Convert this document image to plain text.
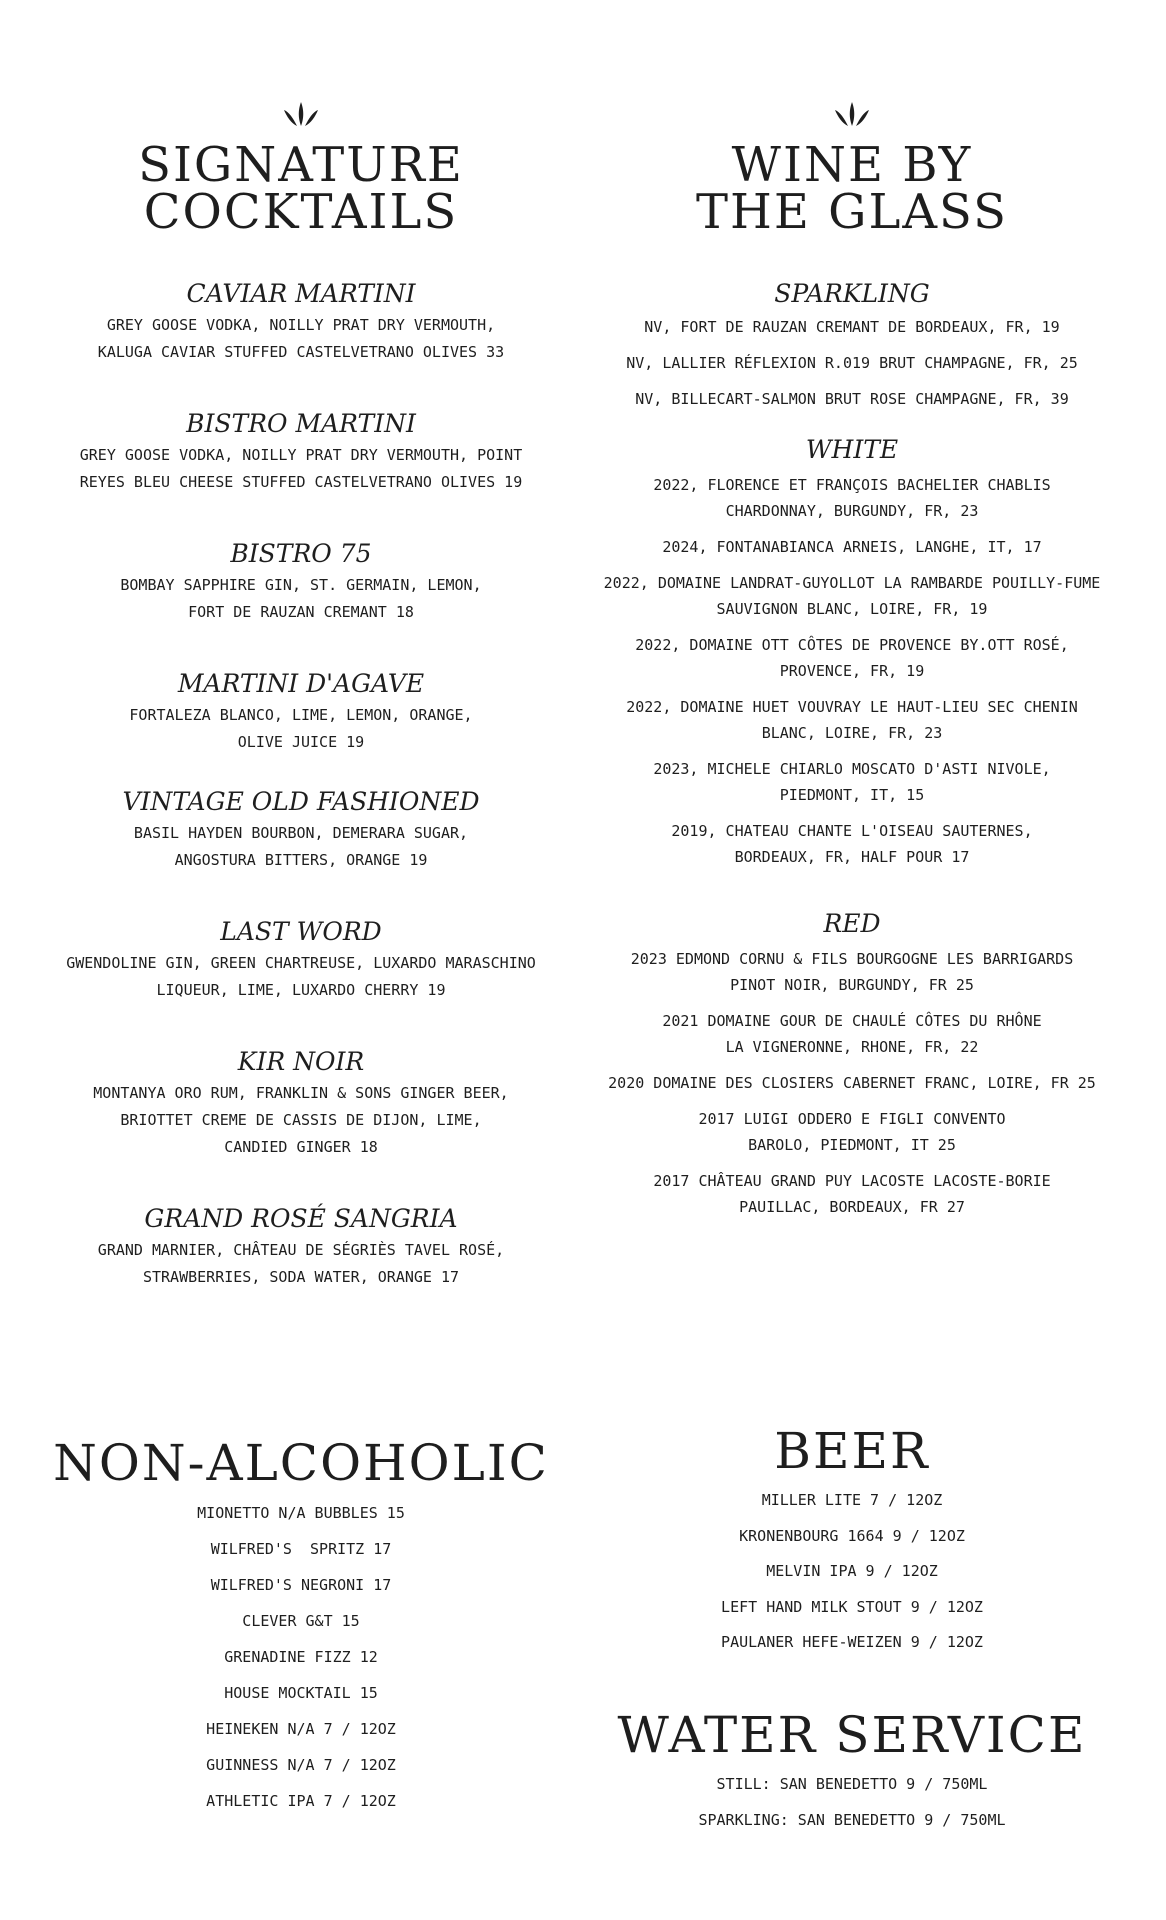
SIGNATURE
COCKTAILS
CAVIAR MARTINI

GREY GOOSE VODKA, NOILLY PRAT DRY VERMOUTH,
KALUGA CAVIAR STUFFED CASTELVETRANO OLIVES 33

BISTRO MARTINI

GREY GOOSE VODKA, NOILLY PRAT DRY VERMOUTH, POINT
REYES BLEU CHEESE STUFFED CASTELVETRANO OLIVES 19

BISTRO 75

BOMBAY SAPPHIRE GIN, ST. GERMAIN, LEMON,
FORT DE RAUZAN CREMANT 18

MARTINI D'AGAVE

FORTALEZA BLANCO, LIME, LEMON, ORANGE,
OLIVE JUICE 19

VINTAGE OLD FASHIONED

BASIL HAYDEN BOURBON, DEMERARA SUGAR,
ANGOSTURA BITTERS, ORANGE 19

LAST WORD

GWENDOLINE GIN, GREEN CHARTREUSE, LUXARDO MARASCHINO
LIQUEUR, LIME, LUXARDO CHERRY 19

KIR NOIR

MONTANYA ORO RUM, FRANKLIN & SONS GINGER BEER,
BRIOTTET CREME DE CASSIS DE DIJON, LIME,
CANDIED GINGER 18

GRAND ROSÉ SANGRIA

GRAND MARNIER, CHÂTEAU DE SÉGRIÈS TAVEL ROSÉ,
STRAWBERRIES, SODA WATER, ORANGE 17

WINE BY
THE GLASS
SPARKLING

NV, FORT DE RAUZAN CREMANT DE BORDEAUX, FR, 19

NV, LALLIER RÉFLEXION R.019 BRUT CHAMPAGNE, FR, 25

NV, BILLECART-SALMON BRUT ROSE CHAMPAGNE, FR, 39

WHITE

2022, FLORENCE ET FRANÇOIS BACHELIER CHABLIS
CHARDONNAY, BURGUNDY, FR, 23

2024, FONTANABIANCA ARNEIS, LANGHE, IT, 17

2022, DOMAINE LANDRAT-GUYOLLOT LA RAMBARDE POUILLY-FUME
SAUVIGNON BLANC, LOIRE, FR, 19

2022, DOMAINE OTT CÔTES DE PROVENCE BY.OTT ROSÉ,
PROVENCE, FR, 19

2022, DOMAINE HUET VOUVRAY LE HAUT-LIEU SEC CHENIN
BLANC, LOIRE, FR, 23

2023, MICHELE CHIARLO MOSCATO D'ASTI NIVOLE,
PIEDMONT, IT, 15

2019, CHATEAU CHANTE L'OISEAU SAUTERNES,
BORDEAUX, FR, HALF POUR 17

RED

2023 EDMOND CORNU & FILS BOURGOGNE LES BARRIGARDS
PINOT NOIR, BURGUNDY, FR 25

2021 DOMAINE GOUR DE CHAULÉ CÔTES DU RHÔNE
LA VIGNERONNE, RHONE, FR, 22

2020 DOMAINE DES CLOSIERS CABERNET FRANC, LOIRE, FR 25

2017 LUIGI ODDERO E FIGLI CONVENTO
BAROLO, PIEDMONT, IT 25

2017 CHÂTEAU GRAND PUY LACOSTE LACOSTE-BORIE
PAUILLAC, BORDEAUX, FR 27

NON-ALCOHOLIC

MIONETTO N/A BUBBLES 15

WILFRED'S  SPRITZ 17

WILFRED'S NEGRONI 17

CLEVER G&T 15

GRENADINE FIZZ 12

HOUSE MOCKTAIL 15

HEINEKEN N/A 7 / 12OZ

GUINNESS N/A 7 / 12OZ

ATHLETIC IPA 7 / 12OZ

BEER

MILLER LITE 7 / 12OZ

KRONENBOURG 1664 9 / 12OZ

MELVIN IPA 9 / 12OZ

LEFT HAND MILK STOUT 9 / 12OZ

PAULANER HEFE-WEIZEN 9 / 12OZ

WATER SERVICE

STILL: SAN BENEDETTO 9 / 750ML

SPARKLING: SAN BENEDETTO 9 / 750ML
